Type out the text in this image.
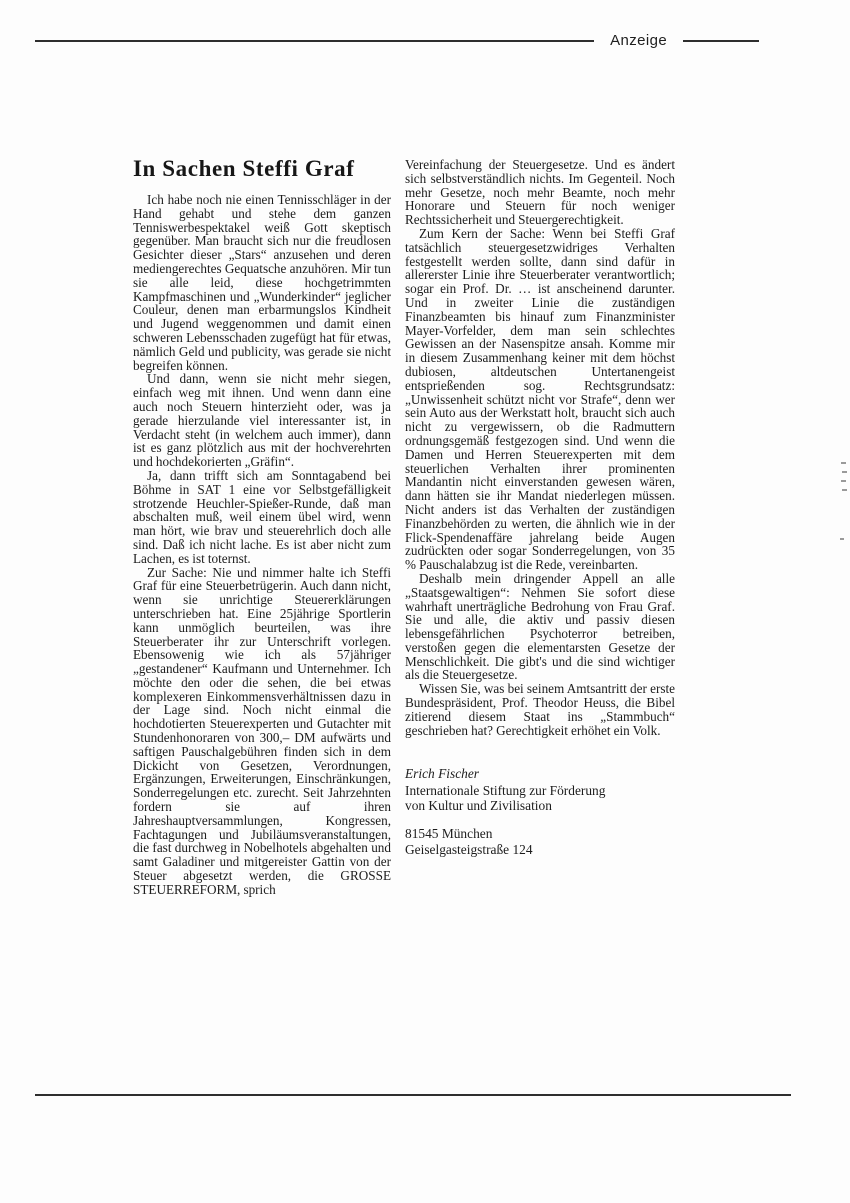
Anzeige
In Sachen Steffi Graf

Ich habe noch nie einen Tennisschläger in der Hand gehabt und stehe dem ganzen Tenniswerbespektakel weiß Gott skeptisch gegenüber. Man braucht sich nur die freudlosen Gesichter dieser „Stars“ anzusehen und deren mediengerechtes Gequatsche anzuhören. Mir tun sie alle leid, diese hochgetrimmten Kampfmaschinen und „Wunderkinder“ jeglicher Couleur, denen man erbarmungslos Kindheit und Jugend weggenommen und damit einen schweren Lebensschaden zugefügt hat für etwas, nämlich Geld und publicity, was gerade sie nicht begreifen können.

Und dann, wenn sie nicht mehr siegen, einfach weg mit ihnen. Und wenn dann eine auch noch Steuern hinterzieht oder, was ja gerade hierzulande viel interessanter ist, in Verdacht steht (in welchem auch immer), dann ist es ganz plötzlich aus mit der hochverehrten und hochdekorierten „Gräfin“.

Ja, dann trifft sich am Sonntagabend bei Böhme in SAT 1 eine vor Selbstgefälligkeit strotzende Heuchler-Spießer-Runde, daß man abschalten muß, weil einem übel wird, wenn man hört, wie brav und steuerehrlich doch alle sind. Daß ich nicht lache. Es ist aber nicht zum Lachen, es ist toternst.

Zur Sache: Nie und nimmer halte ich Steffi Graf für eine Steuerbetrügerin. Auch dann nicht, wenn sie unrichtige Steuererklärungen unterschrieben hat. Eine 25jährige Sportlerin kann unmöglich beurteilen, was ihre Steuerberater ihr zur Unterschrift vorlegen. Ebensowenig wie ich als 57jähriger „gestandener“ Kaufmann und Unternehmer. Ich möchte den oder die sehen, die bei etwas komplexeren Einkommensverhältnissen dazu in der Lage sind. Noch nicht einmal die hochdotierten Steuerexperten und Gutachter mit Stundenhonoraren von 300,– DM aufwärts und saftigen Pauschalgebühren finden sich in dem Dickicht von Gesetzen, Verordnungen, Ergänzungen, Erweiterungen, Einschränkungen, Sonderregelungen etc. zurecht. Seit Jahrzehnten fordern sie auf ihren Jahreshauptversammlungen, Kongressen, Fachtagungen und Jubiläumsveranstaltungen, die fast durchweg in Nobelhotels abgehalten und samt Galadiner und mitgereister Gattin von der Steuer abgesetzt werden, die GROSSE STEUERREFORM, sprich

Vereinfachung der Steuergesetze. Und es ändert sich selbstverständlich nichts. Im Gegenteil. Noch mehr Gesetze, noch mehr Beamte, noch mehr Honorare und Steuern für noch weniger Rechtssicherheit und Steuergerechtigkeit.

Zum Kern der Sache: Wenn bei Steffi Graf tatsächlich steuergesetzwidriges Verhalten festgestellt werden sollte, dann sind dafür in allererster Linie ihre Steuerberater verantwortlich; sogar ein Prof. Dr. … ist anscheinend darunter. Und in zweiter Linie die zuständigen Finanzbeamten bis hinauf zum Finanzminister Mayer-Vorfelder, dem man sein schlechtes Gewissen an der Nasenspitze ansah. Komme mir in diesem Zusammenhang keiner mit dem höchst dubiosen, altdeutschen Untertanengeist entsprießenden sog. Rechtsgrundsatz: „Unwissenheit schützt nicht vor Strafe“, denn wer sein Auto aus der Werkstatt holt, braucht sich auch nicht zu vergewissern, ob die Radmuttern ordnungsgemäß festgezogen sind. Und wenn die Damen und Herren Steuerexperten mit dem steuerlichen Verhalten ihrer prominenten Mandantin nicht einverstanden gewesen wären, dann hätten sie ihr Mandat niederlegen müssen. Nicht anders ist das Verhalten der zuständigen Finanzbehörden zu werten, die ähnlich wie in der Flick-Spendenaffäre jahrelang beide Augen zudrückten oder sogar Sonderregelungen, von 35 % Pauschalabzug ist die Rede, vereinbarten.

Deshalb mein dringender Appell an alle „Staatsgewaltigen“: Nehmen Sie sofort diese wahrhaft unerträgliche Bedrohung von Frau Graf. Sie und alle, die aktiv und passiv diesen lebensgefährlichen Psychoterror betreiben, verstoßen gegen die elementarsten Gesetze der Menschlichkeit. Die gibt's und die sind wichtiger als die Steuergesetze.

Wissen Sie, was bei seinem Amtsantritt der erste Bundespräsident, Prof. Theodor Heuss, die Bibel zitierend diesem Staat ins „Stammbuch“ geschrieben hat? Gerechtigkeit erhöhet ein Volk.

Erich Fischer

Internationale Stiftung zur Förderung

von Kultur und Zivilisation

81545 München

Geiselgasteigstraße 124
